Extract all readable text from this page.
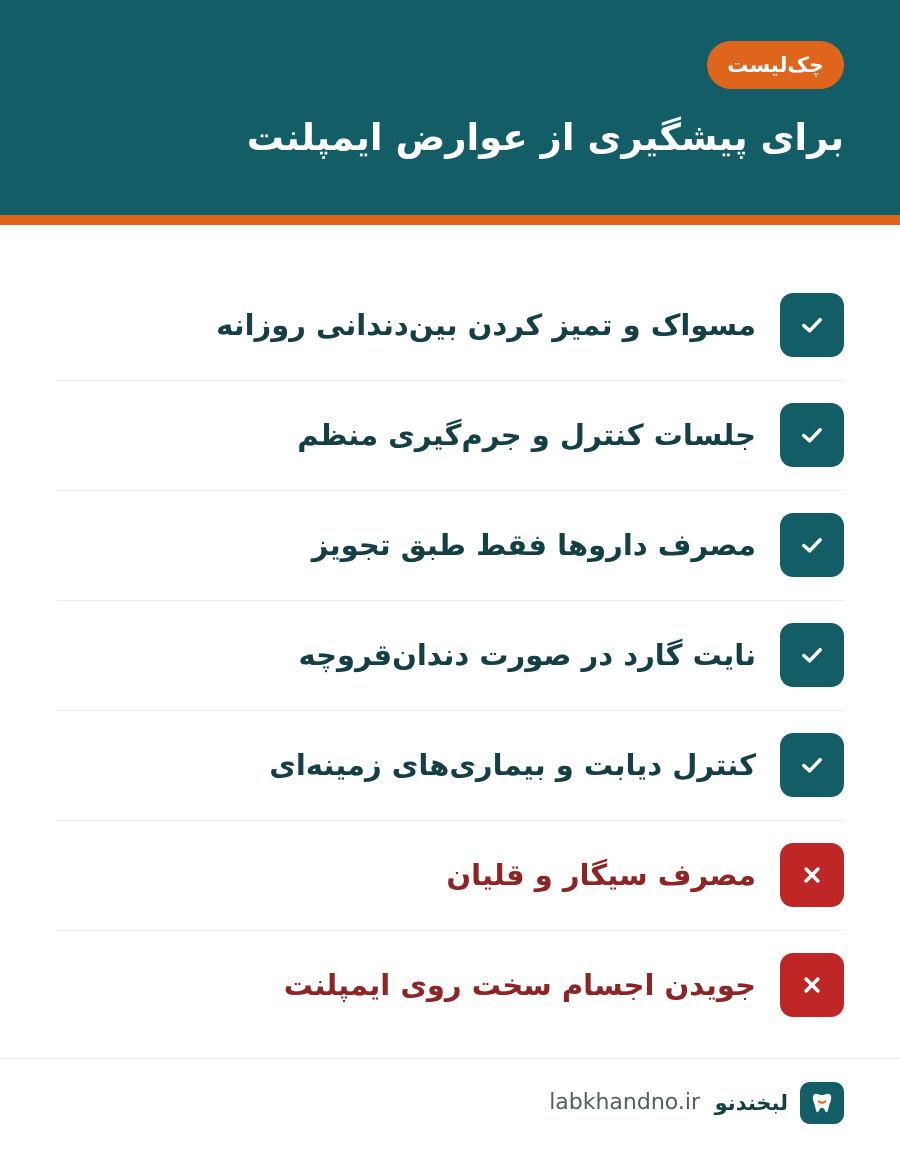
چک‌لیست
برای پیشگیری از عوارض ایمپلنت
مسواک و تمیز کردن بین‌دندانی روزانه
جلسات کنترل و جرم‌گیری منظم
مصرف داروها فقط طبق تجویز
نایت گارد در صورت دندان‌قروچه
کنترل دیابت و بیماری‌های زمینه‌ای
مصرف سیگار و قلیان
جویدن اجسام سخت روی ایمپلنت
لبخندنو
labkhandno.ir
